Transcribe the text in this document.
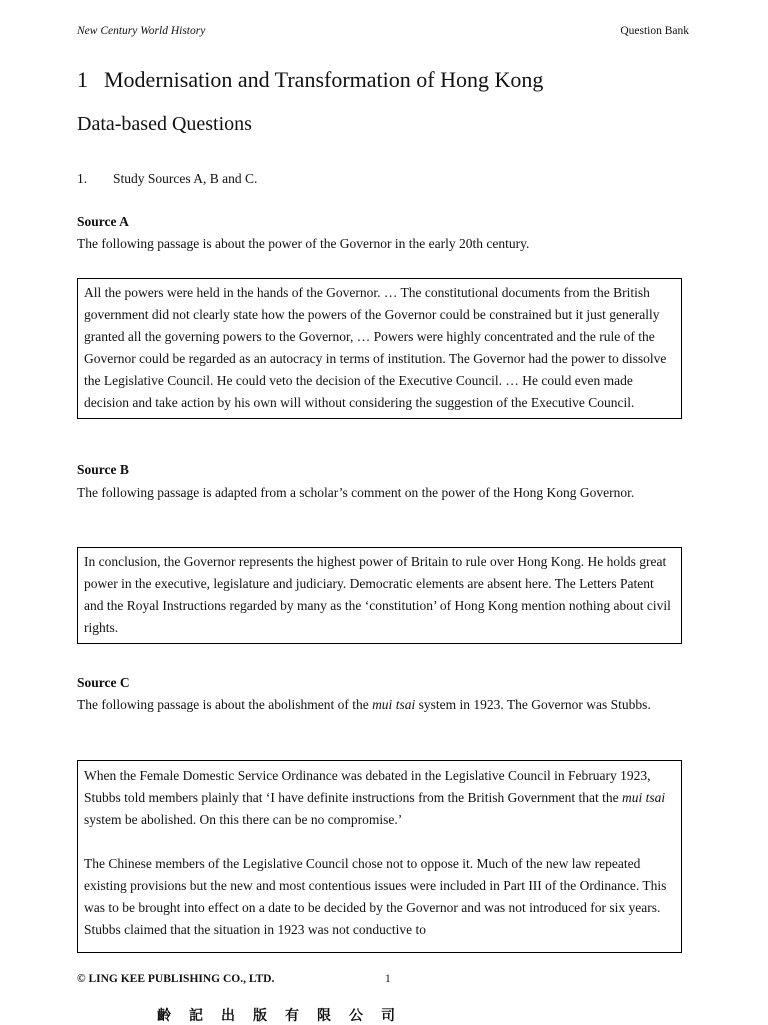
New Century World History	Question Bank
1 Modernisation and Transformation of Hong Kong
Data-based Questions
1. Study Sources A, B and C.
Source A
The following passage is about the power of the Governor in the early 20th century.

All the powers were held in the hands of the Governor. … The constitutional documents from the British government did not clearly state how the powers of the Governor could be constrained but it just generally granted all the governing powers to the Governor, … Powers were highly concentrated and the rule of the Governor could be regarded as an autocracy in terms of institution. The Governor had the power to dissolve the Legislative Council. He could veto the decision of the Executive Council. … He could even made decision and take action by his own will without considering the suggestion of the Executive Council.

Source B
The following passage is adapted from a scholar’s comment on the power of the Hong Kong Governor.

In conclusion, the Governor represents the highest power of Britain to rule over Hong Kong. He holds great power in the executive, legislature and judiciary. Democratic elements are absent here. The Letters Patent and the Royal Instructions regarded by many as the ‘constitution’ of Hong Kong mention nothing about civil rights.

Source C
The following passage is about the abolishment of the mui tsai system in 1923. The Governor was Stubbs.

When the Female Domestic Service Ordinance was debated in the Legislative Council in February 1923, Stubbs told members plainly that ‘I have definite instructions from the British Government that the mui tsai system be abolished. On this there can be no compromise.’

The Chinese members of the Legislative Council chose not to oppose it. Much of the new law repeated existing provisions but the new and most contentious issues were included in Part III of the Ordinance. This was to be brought into effect on a date to be decided by the Governor and was not introduced for six years. Stubbs claimed that the situation in 1923 was not conductive to

© LING KEE PUBLISHING CO., LTD.	1
齡記出版有限公司
